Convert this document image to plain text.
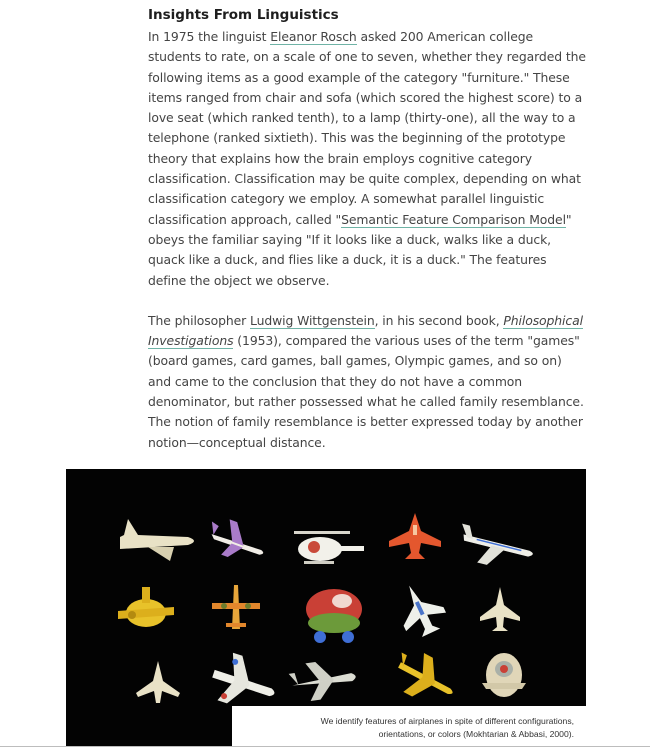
Insights From Linguistics

In 1975 the linguist Eleanor Rosch asked 200 American college students to rate, on a scale of one to seven, whether they regarded the following items as a good example of the category "furniture." These items ranged from chair and sofa (which scored the highest score) to a love seat (which ranked tenth), to a lamp (thirty-one), all the way to a telephone (ranked sixtieth). This was the beginning of the prototype theory that explains how the brain employs cognitive category classification. Classification may be quite complex, depending on what classification category we employ. A somewhat parallel linguistic classification approach, called "Semantic Feature Comparison Model" obeys the familiar saying "If it looks like a duck, walks like a duck, quack like a duck, and flies like a duck, it is a duck." The features define the object we observe.

The philosopher Ludwig Wittgenstein, in his second book, Philosophical Investigations (1953), compared the various uses of the term "games" (board games, card games, ball games, Olympic games, and so on) and came to the conclusion that they do not have a common denominator, but rather possessed what he called family resemblance. The notion of family resemblance is better expressed today by another notion—conceptual distance.

We identify features of airplanes in spite of different configurations,
orientations, or colors (Mokhtarian & Abbasi, 2000).
